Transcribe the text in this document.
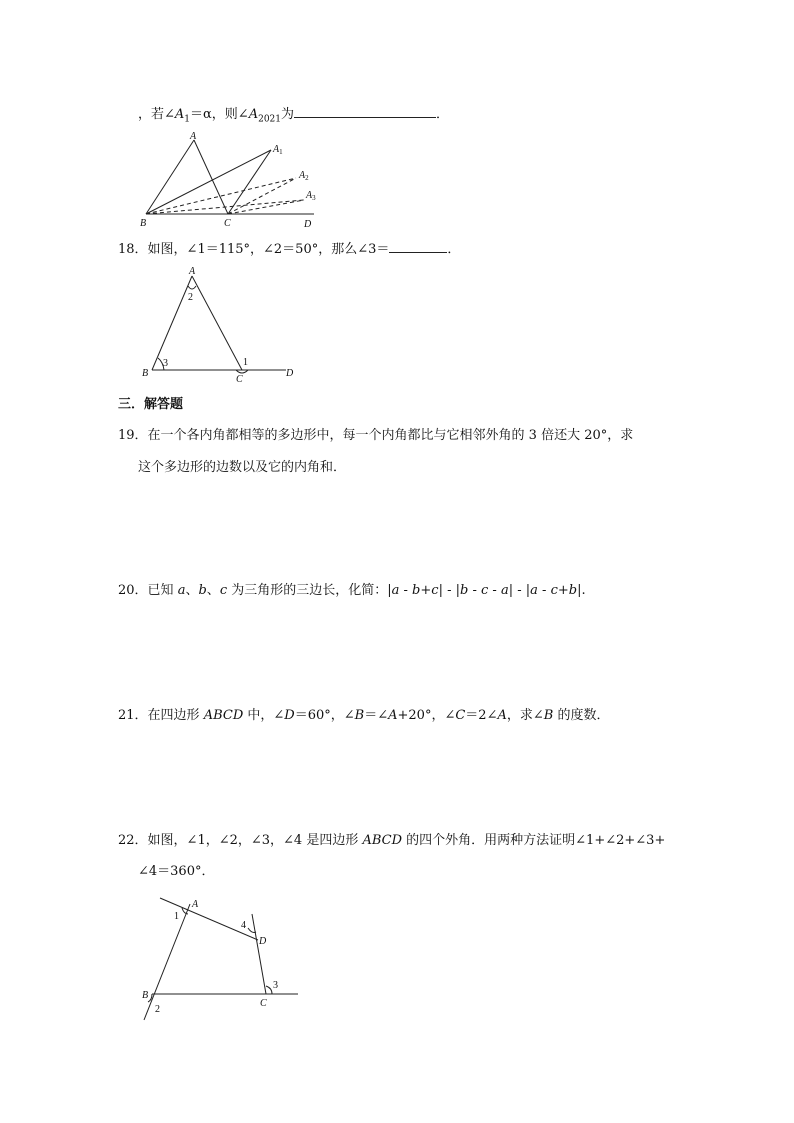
，若$\angle A_1=\alpha$，则$\angle A_{2021}$为	．
A
$A_1$
$A_2$
$A_3$
B	C	D
18．如图，∠1＝115°，∠2＝50°，那么∠3＝	．
A
2
3	1
B
C
D
三．解答题
19．在一个各内角都相等的多边形中，每一个内角都比与它相邻外角的 3 倍还大 20°，求
这个多边形的边数以及它的内角和．
20．已知 a、b、c 为三角形的三边长，化简：|a - b+c| - |b - c - a| - |a - c+b|.
21．在四边形 ABCD 中，∠D＝60°，∠B＝∠A+20°，∠C＝2∠A，求∠B 的度数．
22．如图，∠1，∠2，∠3，∠4 是四边形 ABCD 的四个外角．用两种方法证明∠1+∠2+∠3+
∠4＝360°．
A
1
4
D
3
B
2
C
